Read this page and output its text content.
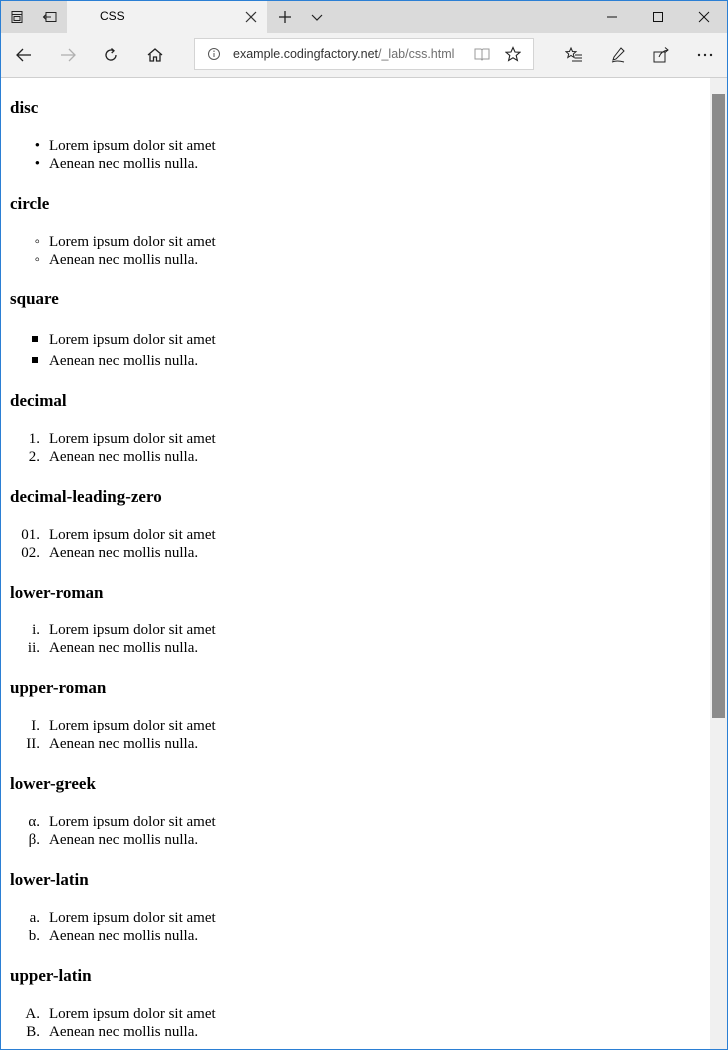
CSS
example.codingfactory.net/_lab/css.html
disc
• Lorem ipsum dolor sit amet
• Aenean nec mollis nulla.
circle
◦ Lorem ipsum dolor sit amet
◦ Aenean nec mollis nulla.
square
Lorem ipsum dolor sit amet
Aenean nec mollis nulla.
decimal
1. Lorem ipsum dolor sit amet
2. Aenean nec mollis nulla.
decimal-leading-zero
01. Lorem ipsum dolor sit amet
02. Aenean nec mollis nulla.
lower-roman
i. Lorem ipsum dolor sit amet
ii. Aenean nec mollis nulla.
upper-roman
I. Lorem ipsum dolor sit amet
II. Aenean nec mollis nulla.
lower-greek
α. Lorem ipsum dolor sit amet
β. Aenean nec mollis nulla.
lower-latin
a. Lorem ipsum dolor sit amet
b. Aenean nec mollis nulla.
upper-latin
A. Lorem ipsum dolor sit amet
B. Aenean nec mollis nulla.
